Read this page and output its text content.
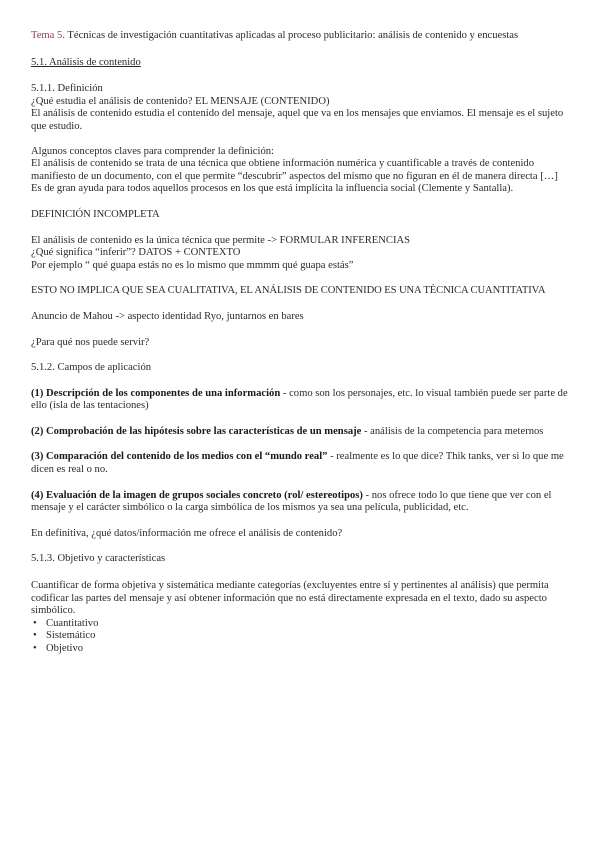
Tema 5. Técnicas de investigación cuantitativas aplicadas al proceso publicitario: análisis de contenido y encuestas

5.1. Análisis de contenido

5.1.1. Definición

¿Qué estudia el análisis de contenido? EL MENSAJE (CONTENIDO)

El análisis de contenido estudia el contenido del mensaje, aquel que va en los mensajes que enviamos. El mensaje es el sujeto que estudio.

Algunos conceptos claves para comprender la definición:

El análisis de contenido se trata de una técnica que obtiene información numérica y cuantificable a través de contenido manifiesto de un documento, con el que permite “descubrir” aspectos del mismo que no figuran en él de manera directa […] Es de gran ayuda para todos aquellos procesos en los que está implícita la influencia social (Clemente y Santalla).

DEFINICIÓN INCOMPLETA

El análisis de contenido es la única técnica que permite -> FORMULAR INFERENCIAS

¿Qué significa “inferir”? DATOS + CONTEXTO

Por ejemplo “ qué guapa estás no es lo mismo que mmmm qué guapa estás”

ESTO NO IMPLICA QUE SEA CUALITATIVA, EL ANÁLISIS DE CONTENIDO ES UNA TÉCNICA CUANTITATIVA

Anuncio de Mahou -> aspecto identidad Ryo, juntarnos en bares

¿Para qué nos puede servir?

5.1.2. Campos de aplicación

(1) Descripción de los componentes de una información - como son los personajes, etc. lo visual también puede ser parte de ello (isla de las tentaciones)

(2) Comprobación de las hipótesis sobre las características de un mensaje - análisis de la competencia para meternos

(3) Comparación del contenido de los medios con el “mundo real” - realmente es lo que dice? Thik tanks, ver si lo que me dicen es real o no.

(4) Evaluación de la imagen de grupos sociales concreto (rol/ estereotipos) - nos ofrece todo lo que tiene que ver con el mensaje y el carácter simbólico o la carga simbólica de los mismos ya sea una película, publicidad, etc.

En definitiva, ¿qué datos/información me ofrece el análisis de contenido?

5.1.3. Objetivo y características

Cuantificar de forma objetiva y sistemática mediante categorías (excluyentes entre sí y pertinentes al análisis) que permita codificar las partes del mensaje y así obtener información que no está directamente expresada en el texto, dado su aspecto simbólico.

• Cuantitativo
• Sistemático
• Objetivo
